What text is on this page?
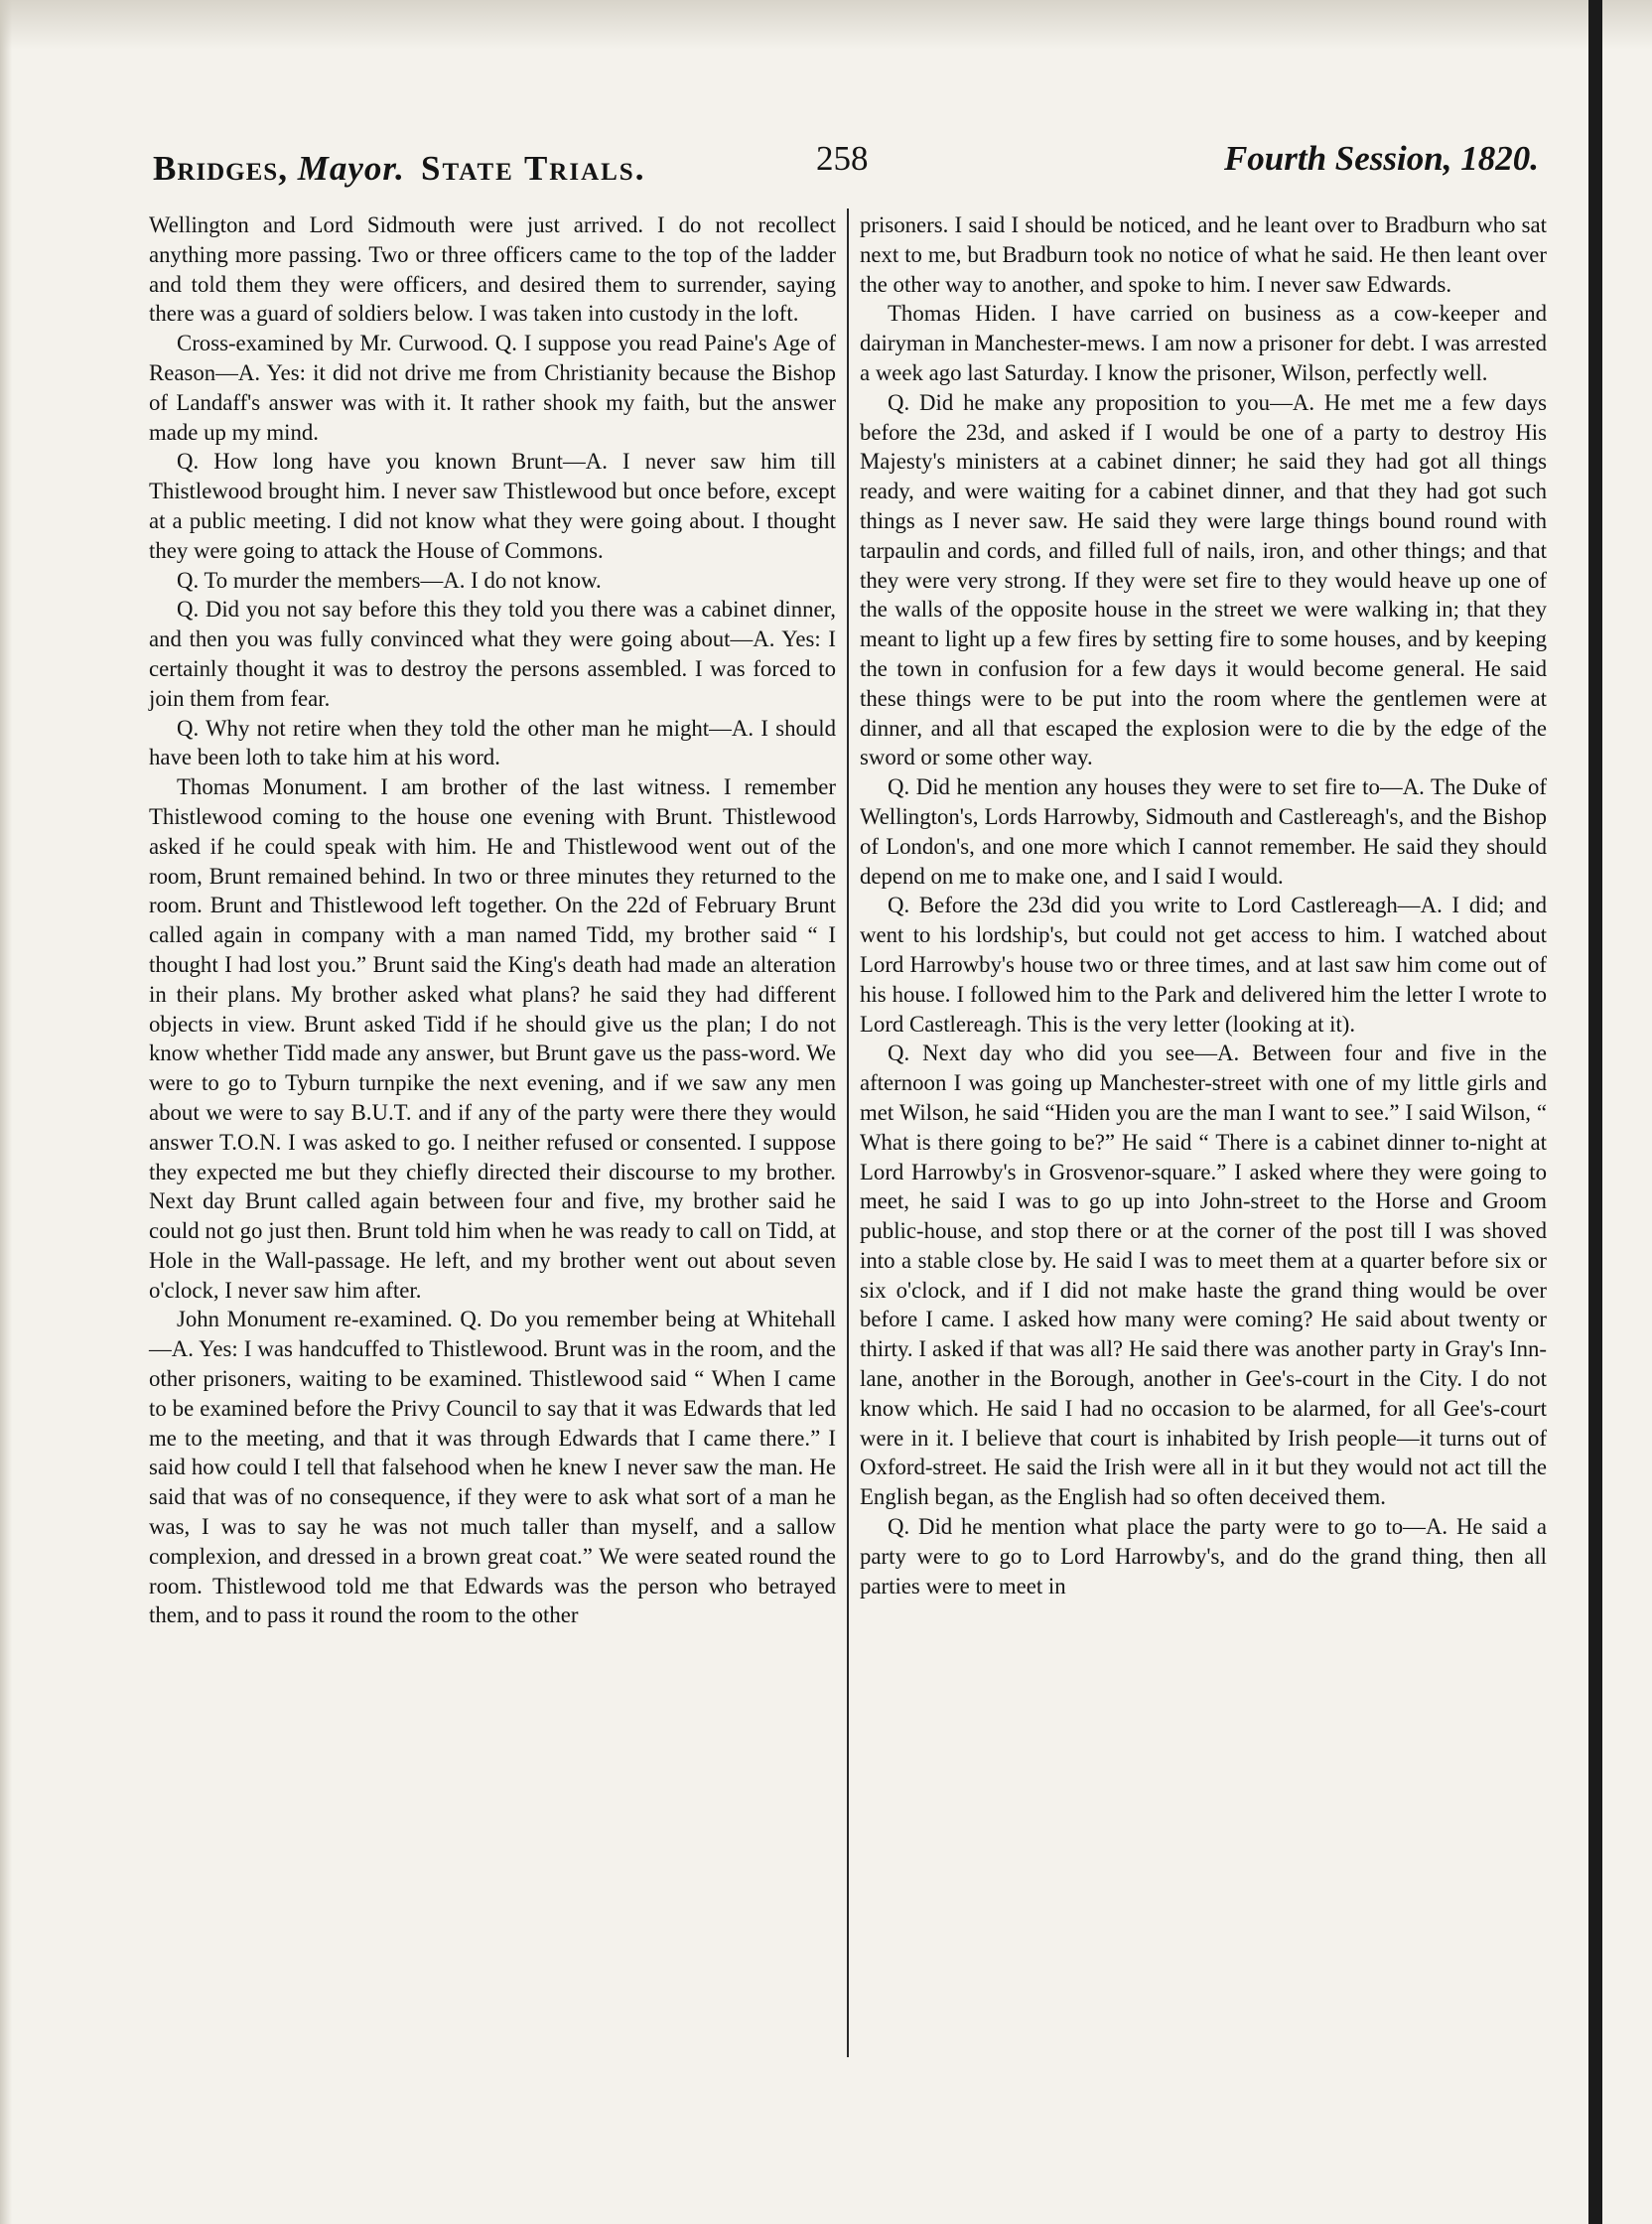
Bridges, Mayor. State Trials.	258	Fourth Session, 1820.

Wellington and Lord Sidmouth were just arrived. I do not recollect anything more passing. Two or three officers came to the top of the ladder and told them they were officers, and desired them to surrender, saying there was a guard of soldiers below. I was taken into custody in the loft.

Cross-examined by Mr. Curwood. Q. I suppose you read Paine's Age of Reason—A. Yes: it did not drive me from Christianity because the Bishop of Landaff's answer was with it. It rather shook my faith, but the answer made up my mind.

Q. How long have you known Brunt—A. I never saw him till Thistlewood brought him. I never saw Thistlewood but once before, except at a public meeting. I did not know what they were going about. I thought they were going to attack the House of Commons.

Q. To murder the members—A. I do not know.

Q. Did you not say before this they told you there was a cabinet dinner, and then you was fully convinced what they were going about—A. Yes: I certainly thought it was to destroy the persons assembled. I was forced to join them from fear.

Q. Why not retire when they told the other man he might—A. I should have been loth to take him at his word.

Thomas Monument. I am brother of the last witness. I remember Thistlewood coming to the house one evening with Brunt. Thistlewood asked if he could speak with him. He and Thistlewood went out of the room, Brunt remained behind. In two or three minutes they returned to the room. Brunt and Thistlewood left together. On the 22d of February Brunt called again in company with a man named Tidd, my brother said “ I thought I had lost you.” Brunt said the King's death had made an alteration in their plans. My brother asked what plans? he said they had different objects in view. Brunt asked Tidd if he should give us the plan; I do not know whether Tidd made any answer, but Brunt gave us the pass-word. We were to go to Tyburn turnpike the next evening, and if we saw any men about we were to say B.U.T. and if any of the party were there they would answer T.O.N. I was asked to go. I neither refused or consented. I suppose they expected me but they chiefly directed their discourse to my brother. Next day Brunt called again between four and five, my brother said he could not go just then. Brunt told him when he was ready to call on Tidd, at Hole in the Wall-passage. He left, and my brother went out about seven o'clock, I never saw him after.

John Monument re-examined. Q. Do you remember being at Whitehall—A. Yes: I was handcuffed to Thistlewood. Brunt was in the room, and the other prisoners, waiting to be examined. Thistlewood said “ When I came to be examined before the Privy Council to say that it was Edwards that led me to the meeting, and that it was through Edwards that I came there.” I said how could I tell that falsehood when he knew I never saw the man. He said that was of no consequence, if they were to ask what sort of a man he was, I was to say he was not much taller than myself, and a sallow complexion, and dressed in a brown great coat.” We were seated round the room. Thistlewood told me that Edwards was the person who betrayed them, and to pass it round the room to the other

prisoners. I said I should be noticed, and he leant over to Bradburn who sat next to me, but Bradburn took no notice of what he said. He then leant over the other way to another, and spoke to him. I never saw Edwards.

Thomas Hiden. I have carried on business as a cow-keeper and dairyman in Manchester-mews. I am now a prisoner for debt. I was arrested a week ago last Saturday. I know the prisoner, Wilson, perfectly well.

Q. Did he make any proposition to you—A. He met me a few days before the 23d, and asked if I would be one of a party to destroy His Majesty's ministers at a cabinet dinner; he said they had got all things ready, and were waiting for a cabinet dinner, and that they had got such things as I never saw. He said they were large things bound round with tarpaulin and cords, and filled full of nails, iron, and other things; and that they were very strong. If they were set fire to they would heave up one of the walls of the opposite house in the street we were walking in; that they meant to light up a few fires by setting fire to some houses, and by keeping the town in confusion for a few days it would become general. He said these things were to be put into the room where the gentlemen were at dinner, and all that escaped the explosion were to die by the edge of the sword or some other way.

Q. Did he mention any houses they were to set fire to—A. The Duke of Wellington's, Lords Harrowby, Sidmouth and Castlereagh's, and the Bishop of London's, and one more which I cannot remember. He said they should depend on me to make one, and I said I would.

Q. Before the 23d did you write to Lord Castlereagh—A. I did; and went to his lordship's, but could not get access to him. I watched about Lord Harrowby's house two or three times, and at last saw him come out of his house. I followed him to the Park and delivered him the letter I wrote to Lord Castlereagh. This is the very letter (looking at it).

Q. Next day who did you see—A. Between four and five in the afternoon I was going up Manchester-street with one of my little girls and met Wilson, he said “Hiden you are the man I want to see.” I said Wilson, “ What is there going to be?” He said “ There is a cabinet dinner to-night at Lord Harrowby's in Grosvenor-square.” I asked where they were going to meet, he said I was to go up into John-street to the Horse and Groom public-house, and stop there or at the corner of the post till I was shoved into a stable close by. He said I was to meet them at a quarter before six or six o'clock, and if I did not make haste the grand thing would be over before I came. I asked how many were coming? He said about twenty or thirty. I asked if that was all? He said there was another party in Gray's Inn-lane, another in the Borough, another in Gee's-court in the City. I do not know which. He said I had no occasion to be alarmed, for all Gee's-court were in it. I believe that court is inhabited by Irish people—it turns out of Oxford-street. He said the Irish were all in it but they would not act till the English began, as the English had so often deceived them.

Q. Did he mention what place the party were to go to—A. He said a party were to go to Lord Harrowby's, and do the grand thing, then all parties were to meet in
